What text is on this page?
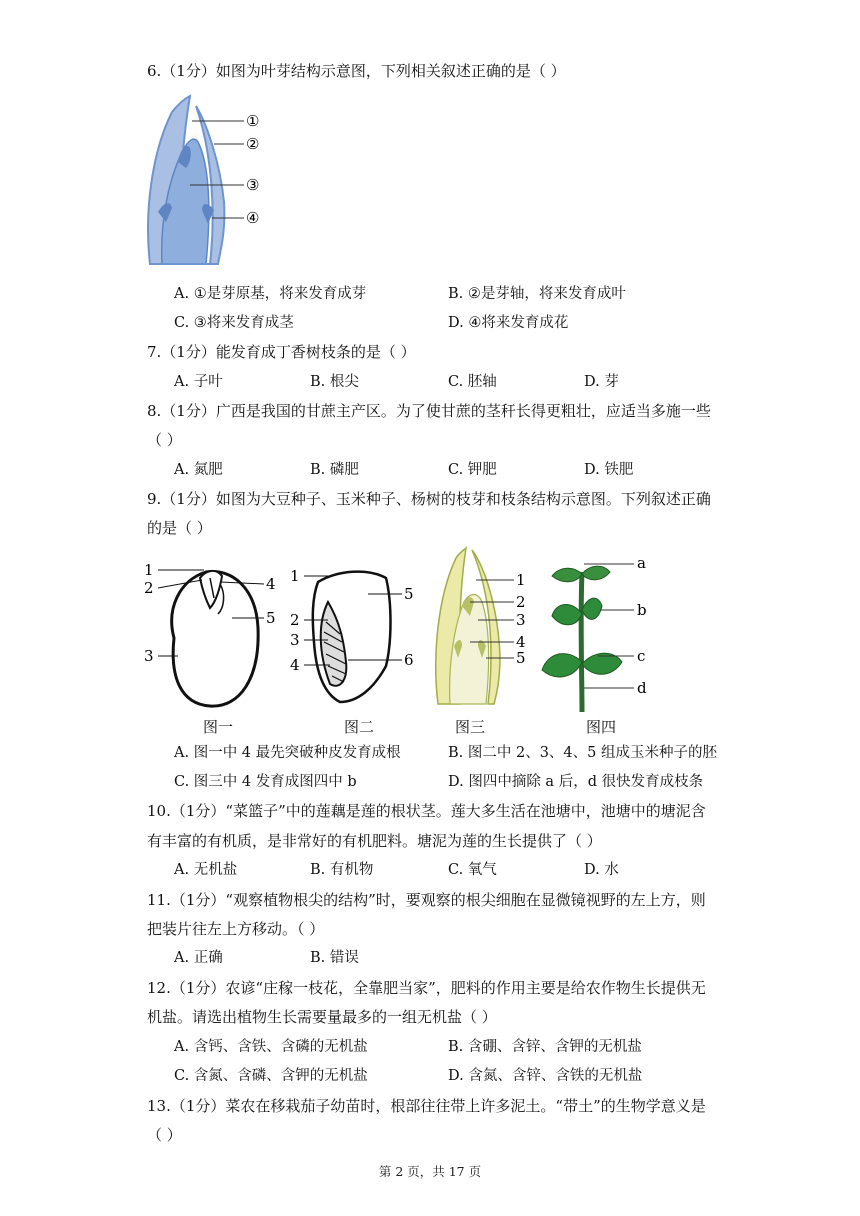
6.（1分）如图为叶芽结构示意图，下列相关叙述正确的是（ ）
①
②
③
④
A. ①是芽原基，将来发育成芽	B. ②是芽轴，将来发育成叶
C. ③将来发育成茎	D. ④将来发育成花
7.（1分）能发育成丁香树枝条的是（ ）
A. 子叶	B. 根尖	C. 胚轴	D. 芽
8.（1分）广西是我国的甘蔗主产区。为了使甘蔗的茎秆长得更粗壮，应适当多施一些
（ ）
A. 氮肥	B. 磷肥	C. 钾肥	D. 铁肥
9.（1分）如图为大豆种子、玉米种子、杨树的枝芽和枝条结构示意图。下列叙述正确
的是（ ）
1
2
3
4
5
1
2
3
4
5
6
1
2
3
4
5
a
b
c
d
图一	图二	图三	图四
A. 图一中 4 最先突破种皮发育成根	B. 图二中 2、3、4、5 组成玉米种子的胚
C. 图三中 4 发育成图四中 b	D. 图四中摘除 a 后，d 很快发育成枝条
10.（1分）“菜篮子”中的莲藕是莲的根状茎。莲大多生活在池塘中，池塘中的塘泥含
有丰富的有机质，是非常好的有机肥料。塘泥为莲的生长提供了（ ）
A. 无机盐	B. 有机物	C. 氧气	D. 水
11.（1分）“观察植物根尖的结构”时，要观察的根尖细胞在显微镜视野的左上方，则
把装片往左上方移动。（ ）
A. 正确	B. 错误
12.（1分）农谚“庄稼一枝花，全靠肥当家”，肥料的作用主要是给农作物生长提供无
机盐。请选出植物生长需要量最多的一组无机盐（ ）
A. 含钙、含铁、含磷的无机盐	B. 含硼、含锌、含钾的无机盐
C. 含氮、含磷、含钾的无机盐	D. 含氮、含锌、含铁的无机盐
13.（1分）菜农在移栽茄子幼苗时，根部往往带上许多泥土。“带土”的生物学意义是
（ ）
第 2 页，共 17 页
